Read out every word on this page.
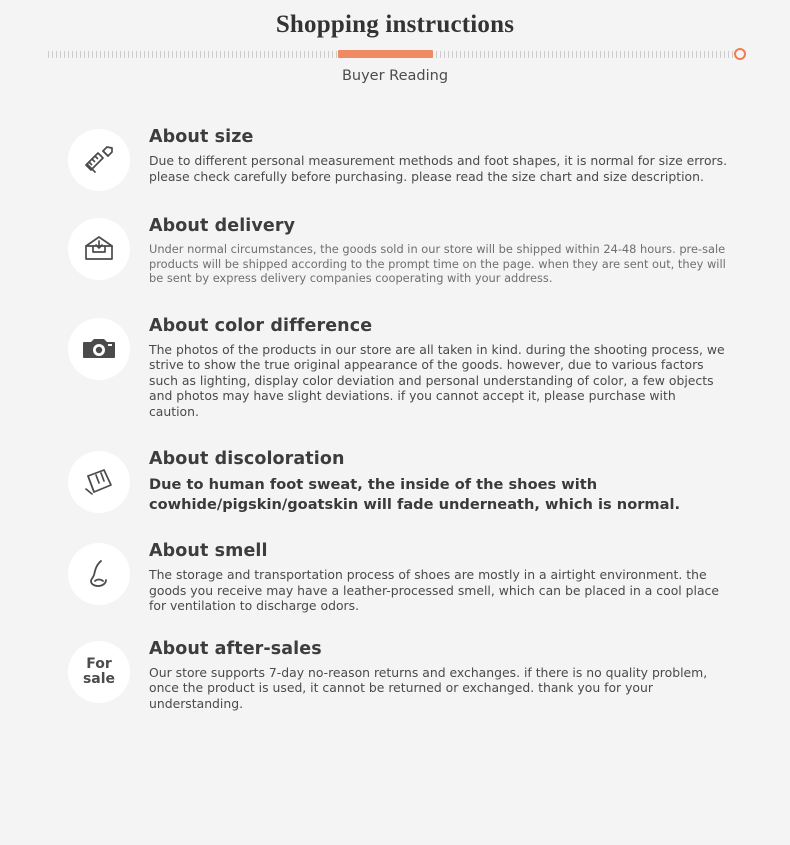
Shopping instructions
Buyer Reading
About size

Due to different personal measurement methods and foot shapes, it is normal for size errors. please check carefully before purchasing. please read the size chart and size description.

About delivery

Under normal circumstances, the goods sold in our store will be shipped within 24-48 hours. pre-sale products will be shipped according to the prompt time on the page. when they are sent out, they will be sent by express delivery companies cooperating with your address.

About color difference

The photos of the products in our store are all taken in kind. during the shooting process, we strive to show the true original appearance of the goods. however, due to various factors such as lighting, display color deviation and personal understanding of color, a few objects and photos may have slight deviations. if you cannot accept it, please purchase with caution.

About discoloration

Due to human foot sweat, the inside of the shoes with cowhide/pigskin/goatskin will fade underneath, which is normal.

About smell

The storage and transportation process of shoes are mostly in a airtight environment. the goods you receive may have a leather-processed smell, which can be placed in a cool place for ventilation to discharge odors.

For
sale
About after-sales

Our store supports 7-day no-reason returns and exchanges. if there is no quality problem, once the product is used, it cannot be returned or exchanged. thank you for your understanding.
